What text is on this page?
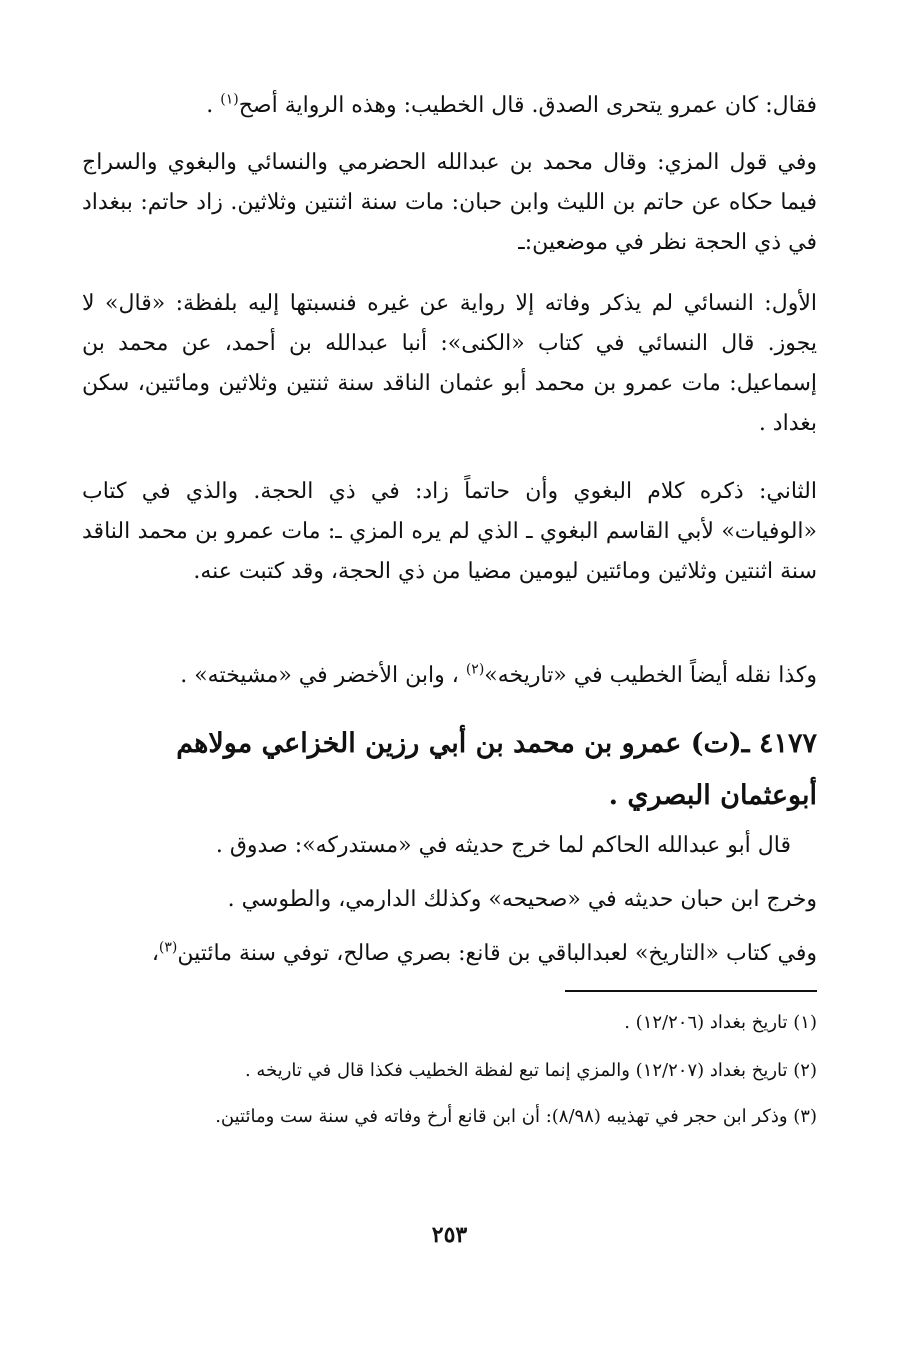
فقال: كان عمرو يتحرى الصدق. قال الخطيب: وهذه الرواية أصح$^{(١)}$ .

وفي قول المزي: وقال محمد بن عبدالله الحضرمي والنسائي والبغوي والسراج فيما حكاه عن حاتم بن الليث وابن حبان: مات سنة اثنتين وثلاثين. زاد حاتم: ببغداد في ذي الحجة نظر في موضعين:ـ

الأول: النسائي لم يذكر وفاته إلا رواية عن غيره فنسبتها إليه بلفظة: «قال» لا يجوز. قال النسائي في كتاب «الكنى»: أنبا عبدالله بن أحمد، عن محمد بن إسماعيل: مات عمرو بن محمد أبو عثمان الناقد سنة ثنتين وثلاثين ومائتين، سكن بغداد .

الثاني: ذكره كلام البغوي وأن حاتماً زاد: في ذي الحجة. والذي في كتاب «الوفيات» لأبي القاسم البغوي ـ الذي لم يره المزي ـ: مات عمرو بن محمد الناقد سنة اثنتين وثلاثين ومائتين ليومين مضيا من ذي الحجة، وقد كتبت عنه.

وكذا نقله أيضاً الخطيب في «تاريخه»$^{(٢)}$ ، وابن الأخضر في «مشيخته» .

٤١٧٧ ـ(ت) عمرو بن محمد بن أبي رزين الخزاعي مولاهم أبوعثمان البصري .

قال أبو عبدالله الحاكم لما خرج حديثه في «مستدركه»: صدوق .

وخرج ابن حبان حديثه في «صحيحه» وكذلك الدارمي، والطوسي .

وفي كتاب «التاريخ» لعبدالباقي بن قانع: بصري صالح، توفي سنة مائتين$^{(٣)}$،

(١) تاريخ بغداد (١٢/٢٠٦) .

(٢) تاريخ بغداد (١٢/٢٠٧) والمزي إنما تبع لفظة الخطيب فكذا قال في تاريخه .

(٣) وذكر ابن حجر في تهذيبه (٨/٩٨): أن ابن قانع أرخ وفاته في سنة ست ومائتين.

٢٥٣
